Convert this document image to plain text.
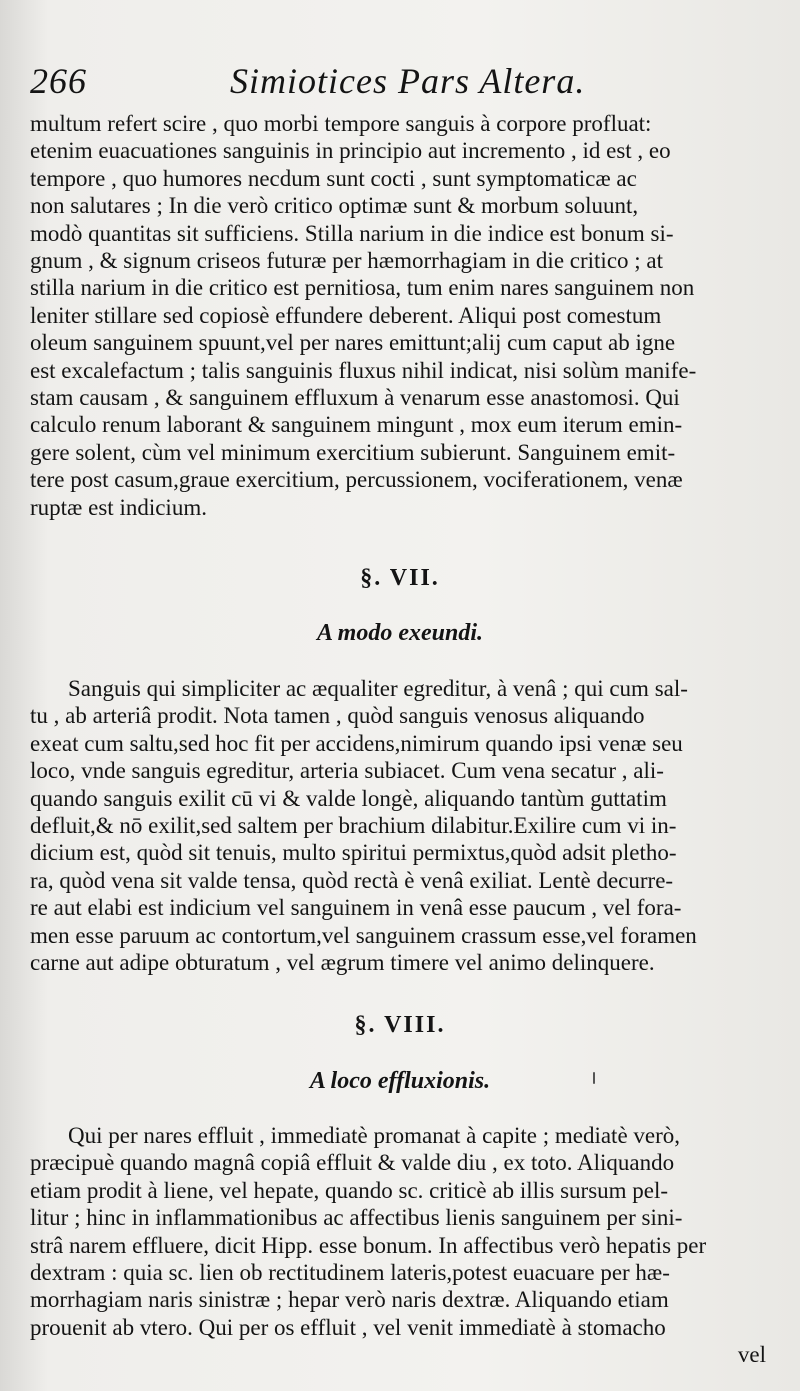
266	Simiotices Pars Altera.
multum refert scire , quo morbi tempore sanguis à corpore profluat:
etenim euacuationes sanguinis in principio aut incremento , id est , eo
tempore , quo humores necdum sunt cocti , sunt symptomaticæ ac
non salutares ; In die verò critico optimæ sunt & morbum soluunt,
modò quantitas sit sufficiens. Stilla narium in die indice est bonum si-
gnum , & signum criseos futuræ per hæmorrhagiam in die critico ; at
stilla narium in die critico est pernitiosa, tum enim nares sanguinem non
leniter stillare sed copiosè effundere deberent. Aliqui post comestum
oleum sanguinem spuunt,vel per nares emittunt;alij cum caput ab igne
est excalefactum ; talis sanguinis fluxus nihil indicat, nisi solùm manife-
stam causam , & sanguinem effluxum à venarum esse anastomosi. Qui
calculo renum laborant & sanguinem mingunt , mox eum iterum emin-
gere solent, cùm vel minimum exercitium subierunt. Sanguinem emit-
tere post casum,graue exercitium, percussionem, vociferationem, venæ
ruptæ est indicium.
§. VII.
A modo exeundi.
Sanguis qui simpliciter ac æqualiter egreditur, à venâ ; qui cum sal-
tu , ab arteriâ prodit. Nota tamen , quòd sanguis venosus aliquando
exeat cum saltu,sed hoc fit per accidens,nimirum quando ipsi venæ seu
loco, vnde sanguis egreditur, arteria subiacet. Cum vena secatur , ali-
quando sanguis exilit cū vi & valde longè, aliquando tantùm guttatim
defluit,& nō exilit,sed saltem per brachium dilabitur.Exilire cum vi in-
dicium est, quòd sit tenuis, multo spiritui permixtus,quòd adsit pletho-
ra, quòd vena sit valde tensa, quòd rectà è venâ exiliat. Lentè decurre-
re aut elabi est indicium vel sanguinem in venâ esse paucum , vel fora-
men esse paruum ac contortum,vel sanguinem crassum esse,vel foramen
carne aut adipe obturatum , vel ægrum timere vel animo delinquere.
§. VIII.
A loco effluxionis.
Qui per nares effluit , immediatè promanat à capite ; mediatè verò,
præcipuè quando magnâ copiâ effluit & valde diu , ex toto. Aliquando
etiam prodit à liene, vel hepate, quando sc. criticè ab illis sursum pel-
litur ; hinc in inflammationibus ac affectibus lienis sanguinem per sini-
strâ narem effluere, dicit Hipp. esse bonum. In affectibus verò hepatis per
dextram : quia sc. lien ob rectitudinem lateris,potest euacuare per hæ-
morrhagiam naris sinistræ ; hepar verò naris dextræ. Aliquando etiam
prouenit ab vtero. Qui per os effluit , vel venit immediatè à stomacho
vel
